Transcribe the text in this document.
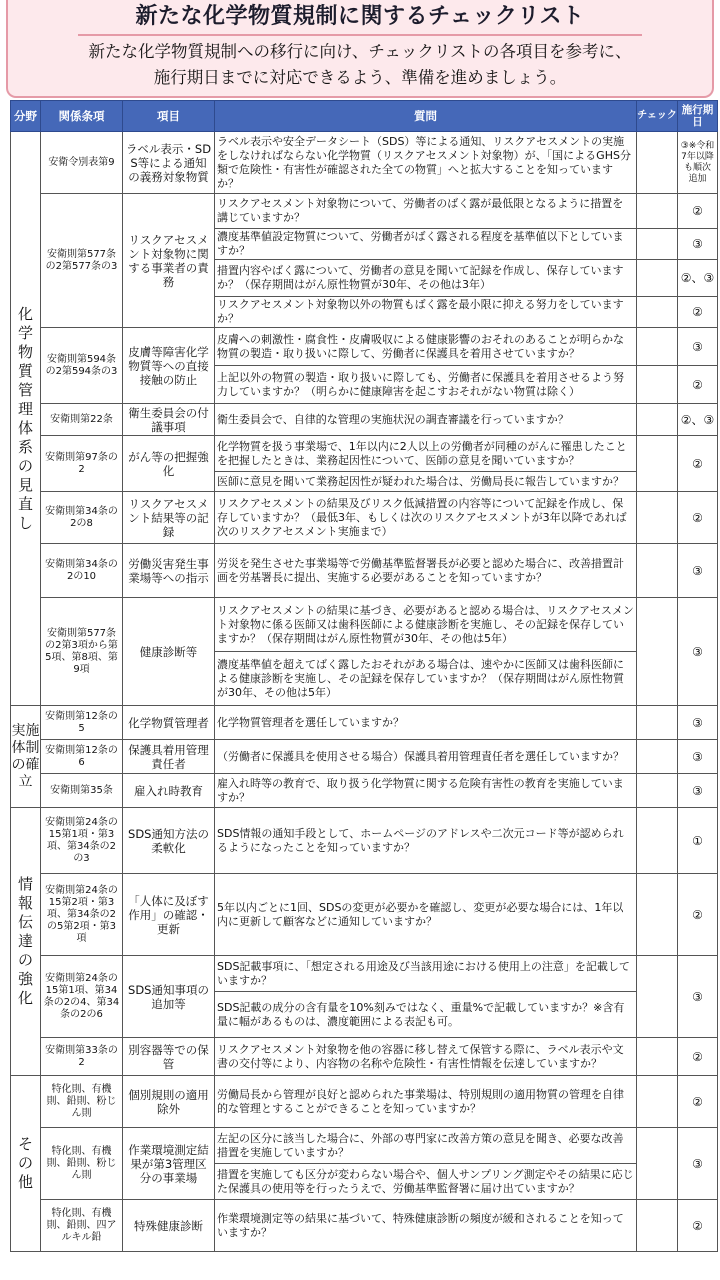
新たな化学物質規制に関するチェックリスト
新たな化学物質規制への移行に向け、チェックリストの各項目を参考に、
施行期日までに対応できるよう、準備を進めましょう。
分野	関係条項	項目	質問	チェック	施行期日
化学物質管理体系の見直し	安衛令別表第9	ラベル表示・SDS等による通知の義務対象物質	ラベル表示や安全データシート（SDS）等による通知、リスクアセスメントの実施をしなければならない化学物質（リスクアセスメント対象物）が、「国によるGHS分類で危険性・有害性が確認された全ての物質」へと拡大することを知っていますか？		③※令和7年以降も順次追加
	安衛則第577条の2第577条の3	リスクアセスメント対象物に関する事業者の責務	リスクアセスメント対象物について、労働者のばく露が最低限となるように措置を講じていますか？		②
			濃度基準値設定物質について、労働者がばく露される程度を基準値以下としていますか？		③
			措置内容やばく露について、労働者の意見を聞いて記録を作成し、保存していますか？（保存期間はがん原性物質が30年、その他は3年）		②、③
			リスクアセスメント対象物以外の物質もばく露を最小限に抑える努力をしていますか？		②
	安衛則第594条の2第594条の3	皮膚等障害化学物質等への直接接触の防止	皮膚への刺激性・腐食性・皮膚吸収による健康影響のおそれのあることが明らかな物質の製造・取り扱いに際して、労働者に保護具を着用させていますか？		③
			上記以外の物質の製造・取り扱いに際しても、労働者に保護具を着用させるよう努力していますか？（明らかに健康障害を起こすおそれがない物質は除く）		②
	安衛則第22条	衛生委員会の付議事項	衛生委員会で、自律的な管理の実施状況の調査審議を行っていますか？		②、③
	安衛則第97条の2	がん等の把握強化	化学物質を扱う事業場で、1年以内に2人以上の労働者が同種のがんに罹患したことを把握したときは、業務起因性について、医師の意見を聞いていますか？		②
			医師に意見を聞いて業務起因性が疑われた場合は、労働局長に報告していますか？		
	安衛則第34条の2の8	リスクアセスメント結果等の記録	リスクアセスメントの結果及びリスク低減措置の内容等について記録を作成し、保存していますか？（最低3年、もしくは次のリスクアセスメントが3年以降であれば次のリスクアセスメント実施まで）		②
	安衛則第34条の2の10	労働災害発生事業場等への指示	労災を発生させた事業場等で労働基準監督署長が必要と認めた場合に、改善措置計画を労基署長に提出、実施する必要があることを知っていますか？		③
	安衛則第577条の2第3項から第5項、第8項、第9項	健康診断等	リスクアセスメントの結果に基づき、必要があると認める場合は、リスクアセスメント対象物に係る医師又は歯科医師による健康診断を実施し、その記録を保存していますか？（保存期間はがん原性物質が30年、その他は5年）		③
			濃度基準値を超えてばく露したおそれがある場合は、速やかに医師又は歯科医師による健康診断を実施し、その記録を保存していますか？（保存期間はがん原性物質が30年、その他は5年）		

実施体制の確立	安衛則第12条の5	化学物質管理者	化学物質管理者を選任していますか？		③
	安衛則第12条の6	保護具着用管理責任者	（労働者に保護具を使用させる場合）保護具着用管理責任者を選任していますか？		③
	安衛則第35条	雇入れ時教育	雇入れ時等の教育で、取り扱う化学物質に関する危険有害性の教育を実施していますか？		③
情報伝達の強化	安衛則第24条の15第1項・第3項、第34条の2の3	SDS通知方法の柔軟化	SDS情報の通知手段として、ホームページのアドレスや二次元コード等が認められるようになったことを知っていますか？		①
	安衛則第24条の15第2項・第3項、第34条の2の5第2項・第3項	「人体に及ぼす作用」の確認・更新	5年以内ごとに1回、SDSの変更が必要かを確認し、変更が必要な場合には、1年以内に更新して顧客などに通知していますか？		②
	安衛則第24条の15第1項、第34条の2の4、第34条の2の6	SDS通知事項の追加等	SDS記載事項に、「想定される用途及び当該用途における使用上の注意」を記載していますか？		③
			SDS記載の成分の含有量を10%刻みではなく、重量%で記載していますか？※含有量に幅があるものは、濃度範囲による表記も可。		
	安衛則第33条の2	別容器等での保管	リスクアセスメント対象物を他の容器に移し替えて保管する際に、ラベル表示や文書の交付等により、内容物の名称や危険性・有害性情報を伝達していますか？		②
その他	特化則、有機則、鉛則、粉じん則	個別規則の適用除外	労働局長から管理が良好と認められた事業場は、特別規則の適用物質の管理を自律的な管理とすることができることを知っていますか？		②
	特化則、有機則、鉛則、粉じん則	作業環境測定結果が第3管理区分の事業場	左記の区分に該当した場合に、外部の専門家に改善方策の意見を聞き、必要な改善措置を実施していますか？		③
			措置を実施しても区分が変わらない場合や、個人サンプリング測定やその結果に応じた保護具の使用等を行ったうえで、労働基準監督署に届け出ていますか？		
	特化則、有機則、鉛則、四アルキル鉛	特殊健康診断	作業環境測定等の結果に基づいて、特殊健康診断の頻度が緩和されることを知っていますか？		②
